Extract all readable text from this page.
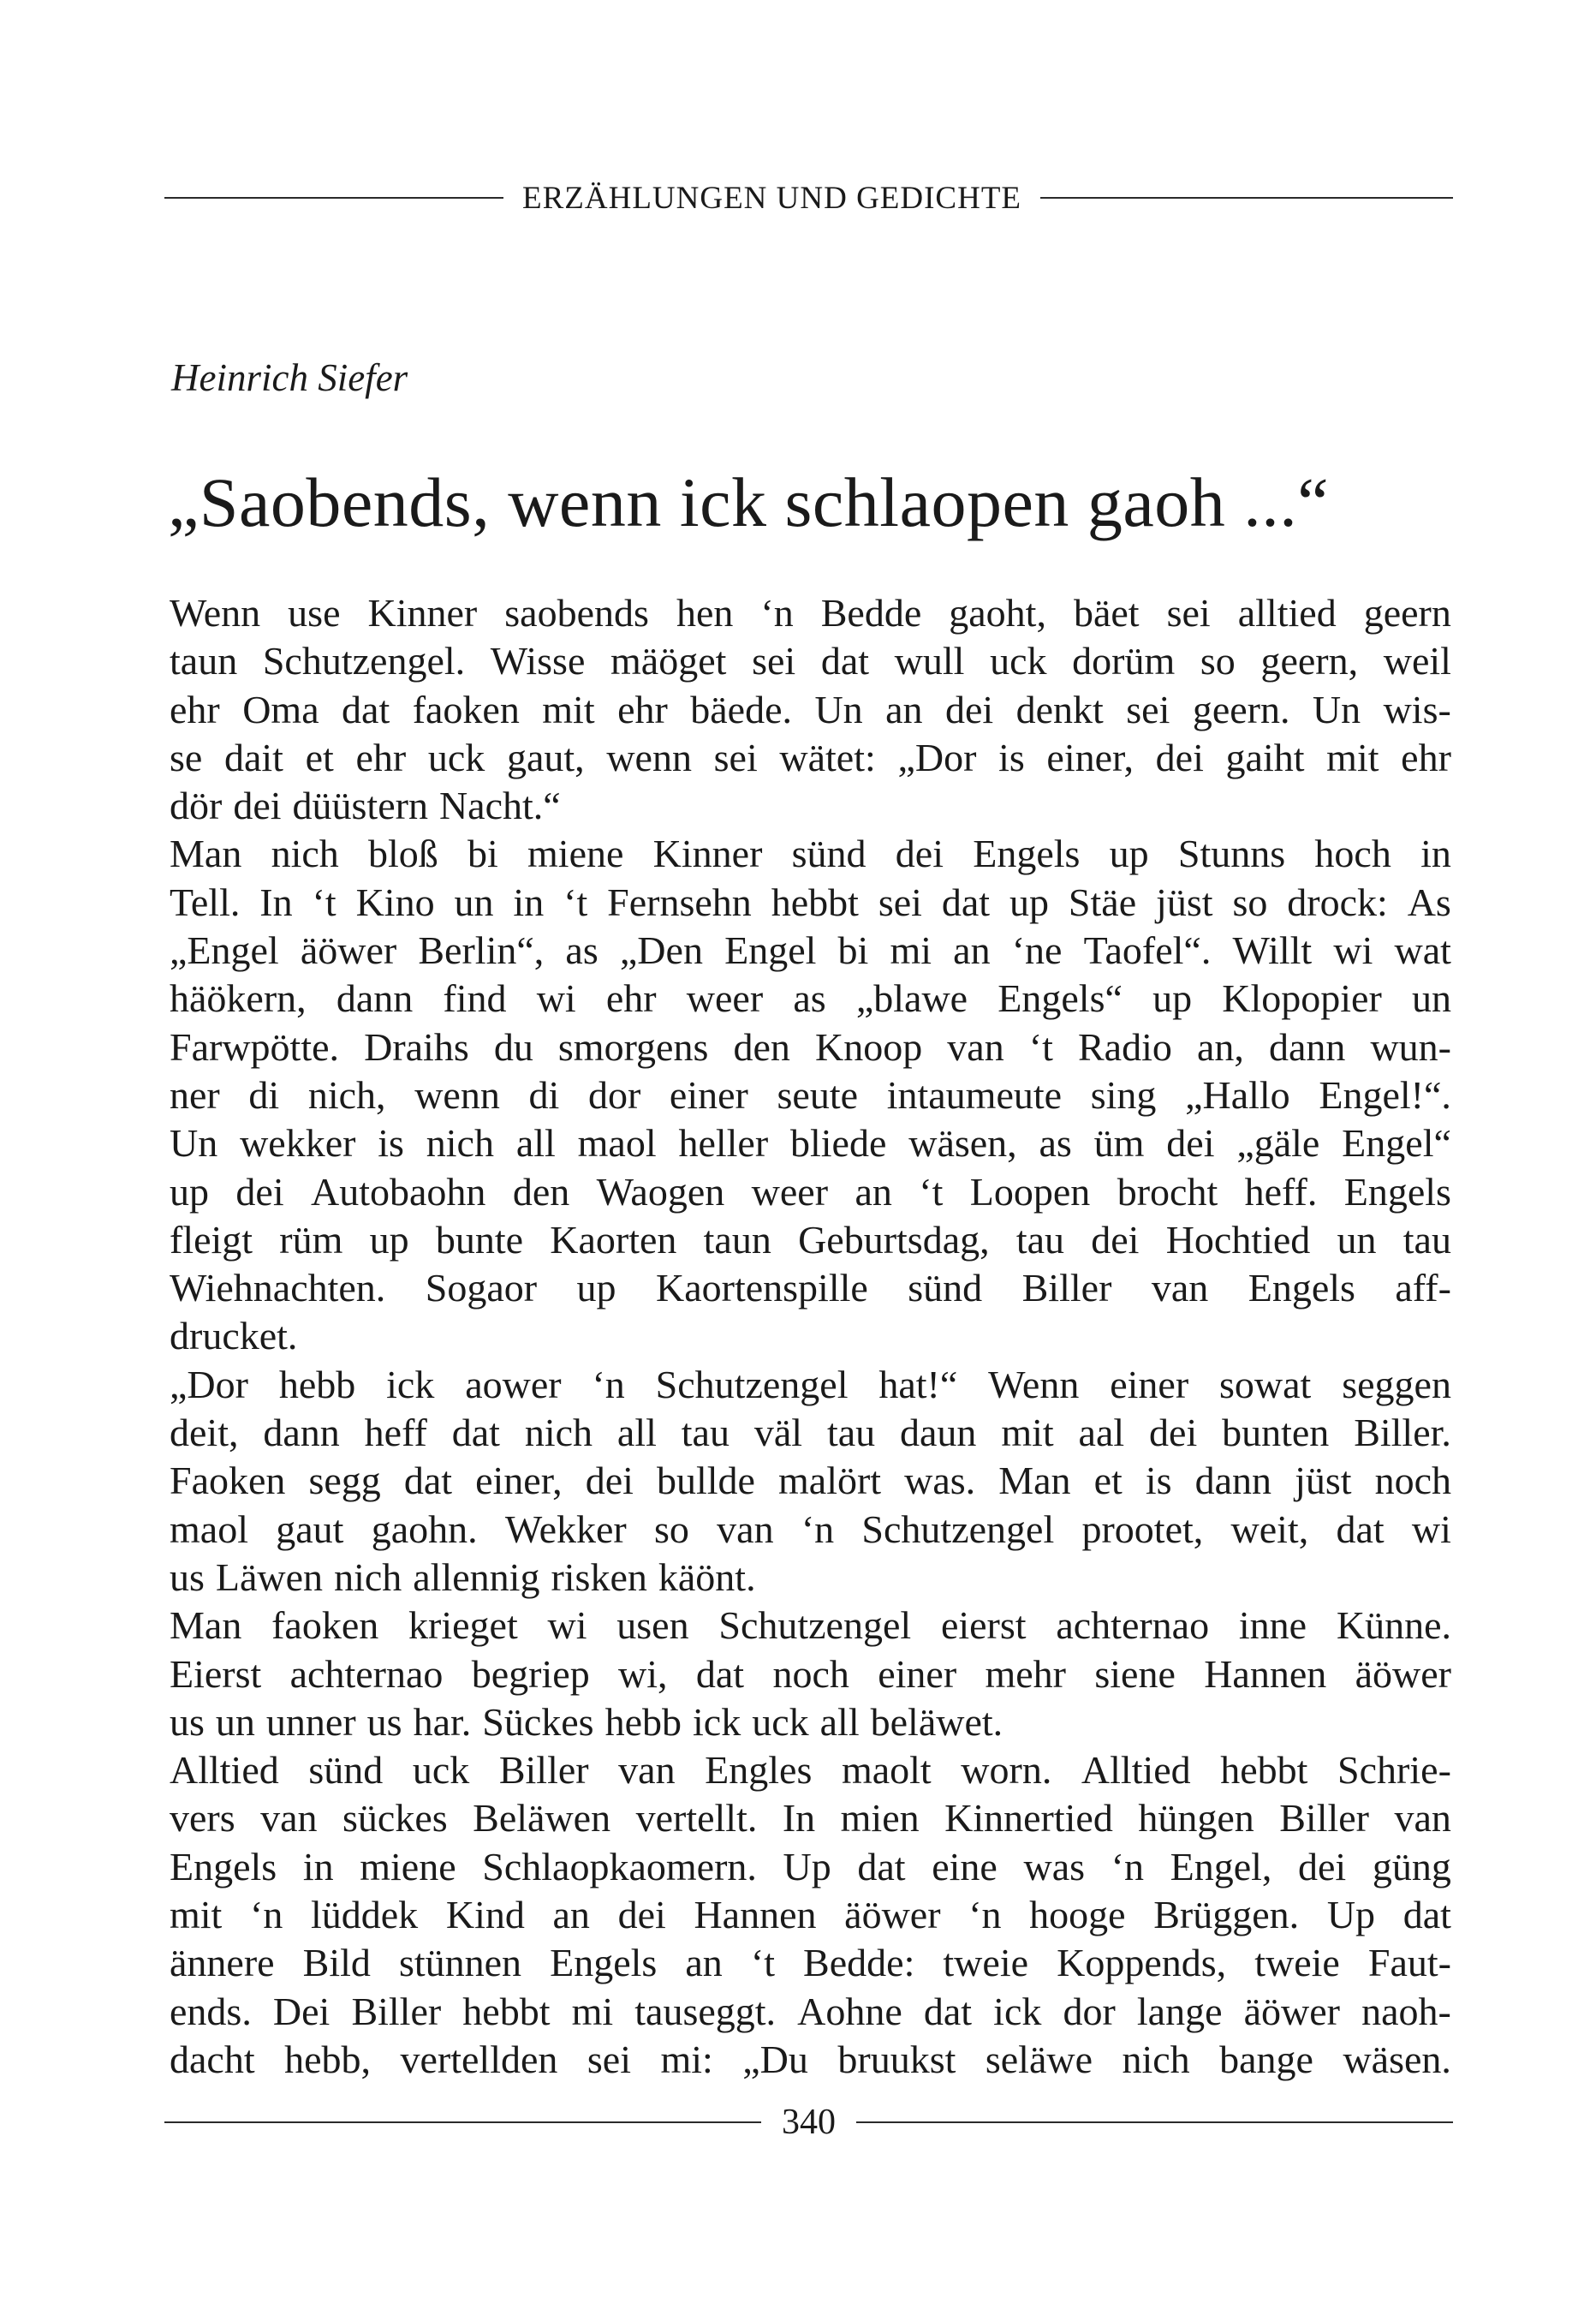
ERZÄHLUNGEN UND GEDICHTE
Heinrich Siefer
„Saobends, wenn ick schlaopen gaoh ...“
Wenn use Kinner saobends hen ‘n Bedde gaoht, bäet sei alltied geern
taun Schutzengel. Wisse mäöget sei dat wull uck dorüm so geern, weil
ehr Oma dat faoken mit ehr bäede. Un an dei denkt sei geern. Un wis-
se dait et ehr uck gaut, wenn sei wätet: „Dor is einer, dei gaiht mit ehr
dör dei düüstern Nacht.“
Man nich bloß bi miene Kinner sünd dei Engels up Stunns hoch in
Tell. In ‘t Kino un in ‘t Fernsehn hebbt sei dat up Stäe jüst so drock: As
„Engel äöwer Berlin“, as „Den Engel bi mi an ‘ne Taofel“. Willt wi wat
häökern, dann find wi ehr weer as „blawe Engels“ up Klopopier un
Farwpötte. Draihs du smorgens den Knoop van ‘t Radio an, dann wun-
ner di nich, wenn di dor einer seute intaumeute sing „Hallo Engel!“.
Un wekker is nich all maol heller bliede wäsen, as üm dei „gäle Engel“
up dei Autobaohn den Waogen weer an ‘t Loopen brocht heff. Engels
fleigt rüm up bunte Kaorten taun Geburtsdag, tau dei Hochtied un tau
Wiehnachten. Sogaor up Kaortenspille sünd Biller van Engels aff-
drucket.
„Dor hebb ick aower ‘n Schutzengel hat!“ Wenn einer sowat seggen
deit, dann heff dat nich all tau väl tau daun mit aal dei bunten Biller.
Faoken segg dat einer, dei bullde malört was. Man et is dann jüst noch
maol gaut gaohn. Wekker so van ‘n Schutzengel prootet, weit, dat wi
us Läwen nich allennig risken käönt.
Man faoken krieget wi usen Schutzengel eierst achternao inne Künne.
Eierst achternao begriep wi, dat noch einer mehr siene Hannen äöwer
us un unner us har. Sückes hebb ick uck all beläwet.
Alltied sünd uck Biller van Engles maolt worn. Alltied hebbt Schrie-
vers van sückes Beläwen vertellt. In mien Kinnertied hüngen Biller van
Engels in miene Schlaopkaomern. Up dat eine was ‘n Engel, dei güng
mit ‘n lüddek Kind an dei Hannen äöwer ‘n hooge Brüggen. Up dat
ännere Bild stünnen Engels an ‘t Bedde: tweie Koppends, tweie Faut-
ends. Dei Biller hebbt mi tauseggt. Aohne dat ick dor lange äöwer naoh-
dacht hebb, vertellden sei mi: „Du bruukst seläwe nich bange wäsen.
340
